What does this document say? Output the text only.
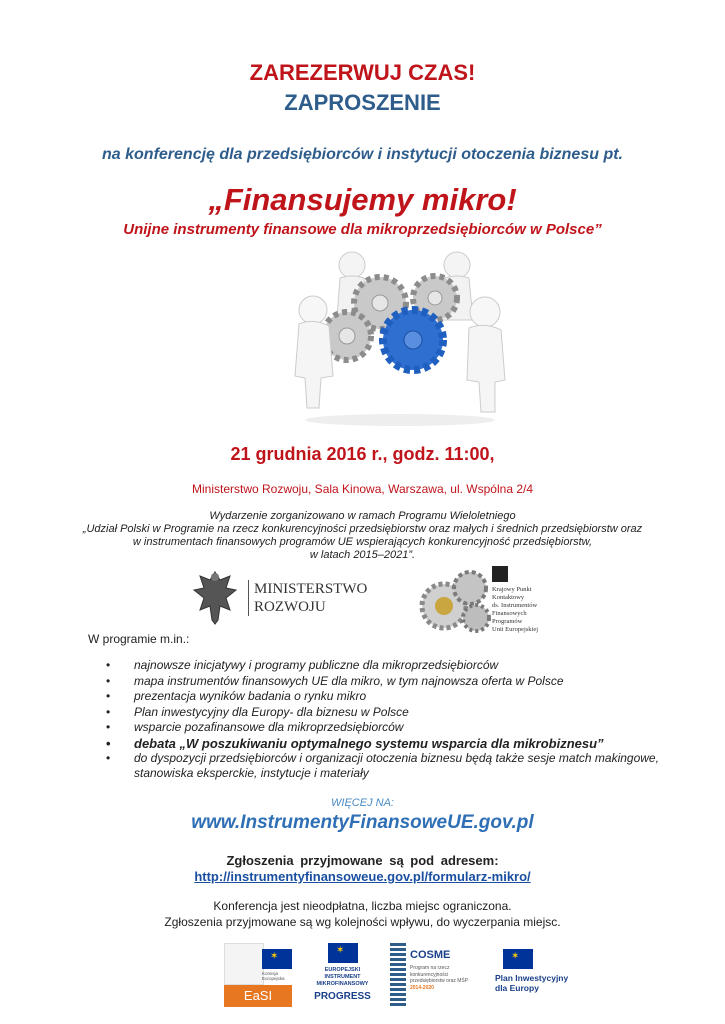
ZAREZERWUJ CZAS!
ZAPROSZENIE
na konferencję dla przedsiębiorców i instytucji otoczenia biznesu pt.
„Finansujemy mikro!
Unijne instrumenty finansowe dla mikroprzedsiębiorców w Polsce”
21 grudnia 2016 r., godz. 11:00,
Ministerstwo Rozwoju, Sala Kinowa, Warszawa, ul. Wspólna 2/4
Wydarzenie zorganizowano w ramach Programu Wieloletniego
„Udział Polski w Programie na rzecz konkurencyjności przedsiębiorstw oraz małych i średnich przedsiębiorstw oraz
w instrumentach finansowych programów UE wspierających konkurencyjność przedsiębiorstw,
w latach 2015–2021”.
MINISTERSTWO
ROZWOJU
Krajowy Punkt
Kontaktowy
ds. Instrumentów
Finansowych
Programów
Unii Europejskiej
W programie m.in.:
• najnowsze inicjatywy i programy publiczne dla mikroprzedsiębiorców
• mapa instrumentów finansowych UE dla mikro, w tym najnowsza oferta w Polsce
• prezentacja wyników badania o rynku mikro
• Plan inwestycyjny dla Europy- dla biznesu w Polsce
• wsparcie pozafinansowe dla mikroprzedsiębiorców
• debata „W poszukiwaniu optymalnego systemu wsparcia dla mikrobiznesu”
• do dyspozycji przedsiębiorców i organizacji otoczenia biznesu będą także sesje match makingowe, stanowiska eksperckie, instytucje i materiały
WIĘCEJ NA:
www.InstrumentyFinansoweUE.gov.pl
Zgłoszenia przyjmowane są pod adresem:
http://instrumentyfinansoweue.gov.pl/formularz-mikro/
Konferencja jest nieodpłatna, liczba miejsc ograniczona.
Zgłoszenia przyjmowane są wg kolejności wpływu, do wyczerpania miejsc.
✶
Komisja Europejska
EaSI
✶
EUROPEJSKI
INSTRUMENT
MIKROFINANSOWY
PROGRESS
COSME
Program na rzecz
konkurencyjności
przedsiębiorstw oraz MŚP
2014-2020
✶
Plan Inwestycyjny
dla Europy
